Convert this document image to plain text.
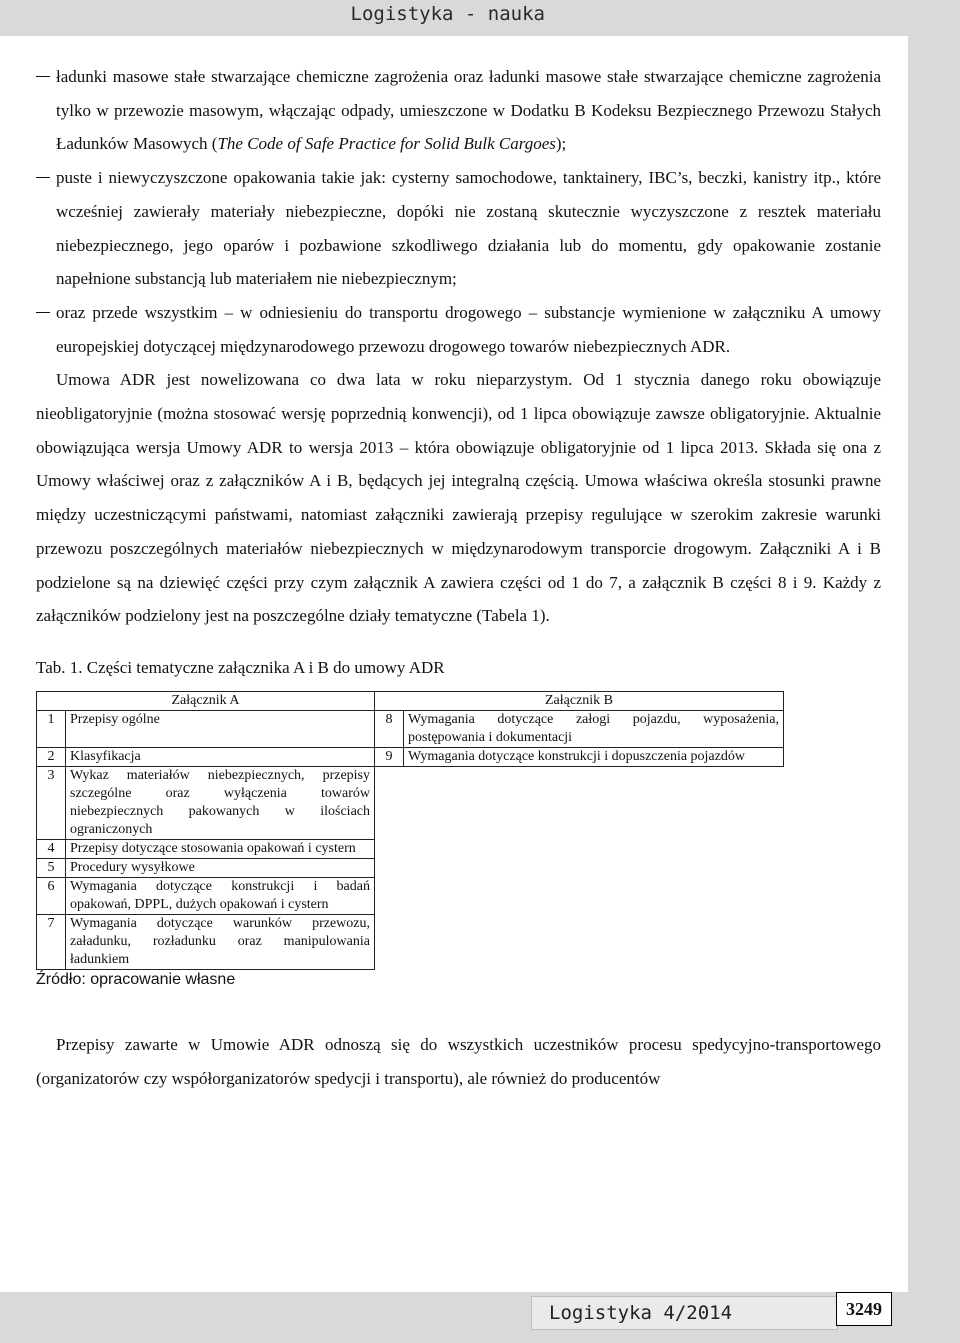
Logistyka - nauka
ładunki masowe stałe stwarzające chemiczne zagrożenia oraz ładunki masowe stałe stwarzające chemiczne zagrożenia tylko w przewozie masowym, włączając odpady, umieszczone w Dodatku B Kodeksu Bezpiecznego Przewozu Stałych Ładunków Masowych (The Code of Safe Practice for Solid Bulk Cargoes);
puste i niewyczyszczone opakowania takie jak: cysterny samochodowe, tanktainery, IBC’s, beczki, kanistry itp., które wcześniej zawierały materiały niebezpieczne, dopóki nie zostaną skutecznie wyczyszczone z resztek materiału niebezpiecznego, jego oparów i pozbawione szkodliwego działania lub do momentu, gdy opakowanie zostanie napełnione substancją lub materiałem nie niebezpiecznym;
oraz przede wszystkim – w odniesieniu do transportu drogowego – substancje wymienione w załączniku A umowy europejskiej dotyczącej międzynarodowego przewozu drogowego towarów niebezpiecznych ADR.
Umowa ADR jest nowelizowana co dwa lata w roku nieparzystym. Od 1 stycznia danego roku obowiązuje nieobligatoryjnie (można stosować wersję poprzednią konwencji), od 1 lipca obowiązuje zawsze obligatoryjnie. Aktualnie obowiązująca wersja Umowy ADR to wersja 2013 – która obowiązuje obligatoryjnie od 1 lipca 2013. Składa się ona z Umowy właściwej oraz z załączników A i B, będących jej integralną częścią. Umowa właściwa określa stosunki prawne między uczestniczącymi państwami, natomiast załączniki zawierają przepisy regulujące w szerokim zakresie warunki przewozu poszczególnych materiałów niebezpiecznych w międzynarodowym transporcie drogowym. Załączniki A i B podzielone są na dziewięć części przy czym załącznik A zawiera części od 1 do 7, a załącznik B części 8 i 9. Każdy z załączników podzielony jest na poszczególne działy tematyczne (Tabela 1).
Tab. 1. Części tematyczne załącznika A i B do umowy ADR
Załącznik A		Załącznik B	
1	Przepisy ogólne	8	Wymagania dotyczące załogi pojazdu, wyposażenia, postępowania i dokumentacji
2	Klasyfikacja	9	Wymagania dotyczące konstrukcji i dopuszczenia pojazdów
3	Wykaz materiałów niebezpiecznych, przepisy szczególne oraz wyłączenia towarów niebezpiecznych pakowanych w ilościach ograniczonych		
4	Przepisy dotyczące stosowania opakowań i cystern		
5	Procedury wysyłkowe		
6	Wymagania dotyczące konstrukcji i badań opakowań, DPPL, dużych opakowań i cystern		
7	Wymagania dotyczące warunków przewozu, załadunku, rozładunku oraz manipulowania ładunkiem		
Źródło: opracowanie własne
Przepisy zawarte w Umowie ADR odnoszą się do wszystkich uczestników procesu spedycyjno-transportowego (organizatorów czy współorganizatorów spedycji i transportu), ale również do producentów
Logistyka 4/2014	3249
